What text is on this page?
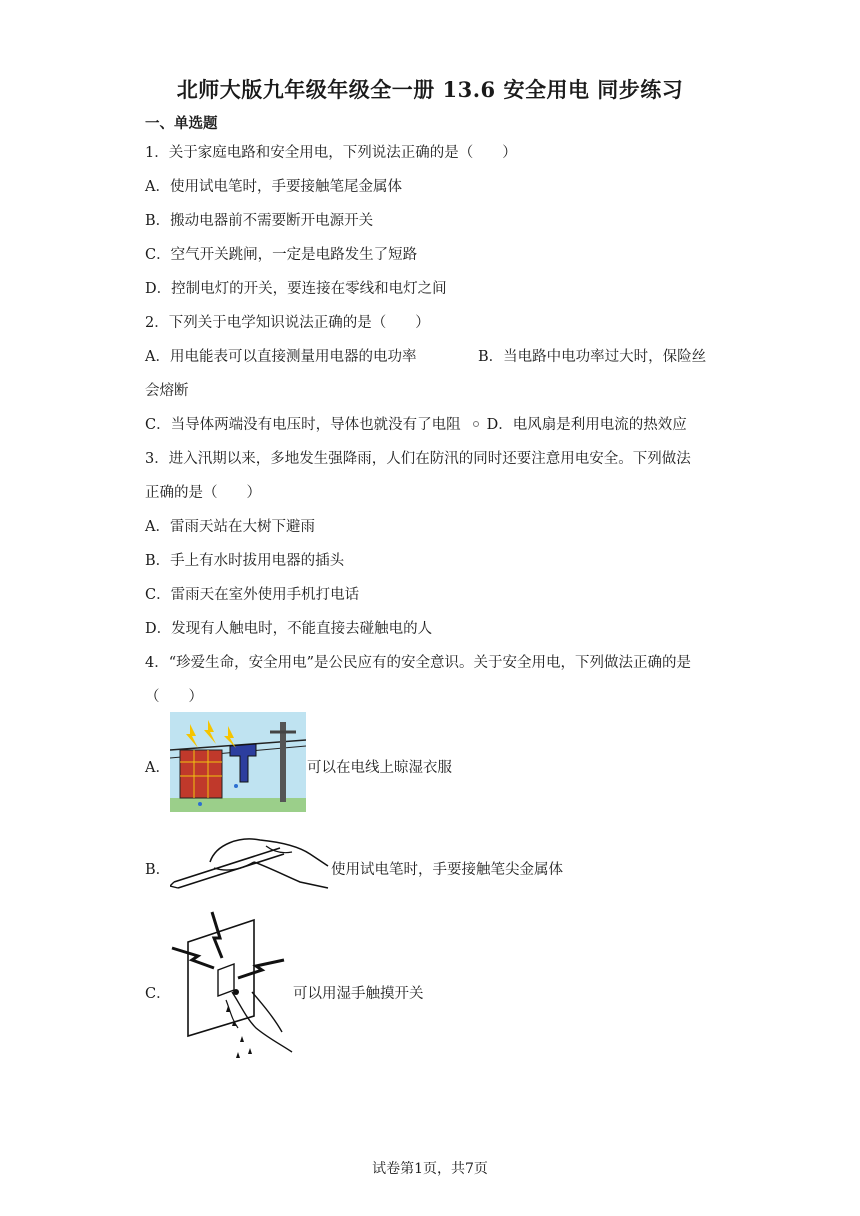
北师大版九年级年级全一册 13.6 安全用电 同步练习
一、单选题
1．关于家庭电路和安全用电，下列说法正确的是（　　）
A．使用试电笔时，手要接触笔尾金属体
B．搬动电器前不需要断开电源开关
C．空气开关跳闸，一定是电路发生了短路
D．控制电灯的开关，要连接在零线和电灯之间
2．下列关于电学知识说法正确的是（　　）
A．用电能表可以直接测量用电器的电功率	B．当电路中电功率过大时，保险丝
会熔断
C．当导体两端没有电压时，导体也就没有了电阻 D．电风扇是利用电流的热效应
3．进入汛期以来，多地发生强降雨，人们在防汛的同时还要注意用电安全。下列做法
正确的是（　　）
A．雷雨天站在大树下避雨
B．手上有水时拔用电器的插头
C．雷雨天在室外使用手机打电话
D．发现有人触电时，不能直接去碰触电的人
4．“珍爱生命，安全用电”是公民应有的安全意识。关于安全用电，下列做法正确的是
（　　）
A．	可以在电线上晾湿衣服
B．	使用试电笔时，手要接触笔尖金属体
C．	可以用湿手触摸开关
试卷第1页，共7页
